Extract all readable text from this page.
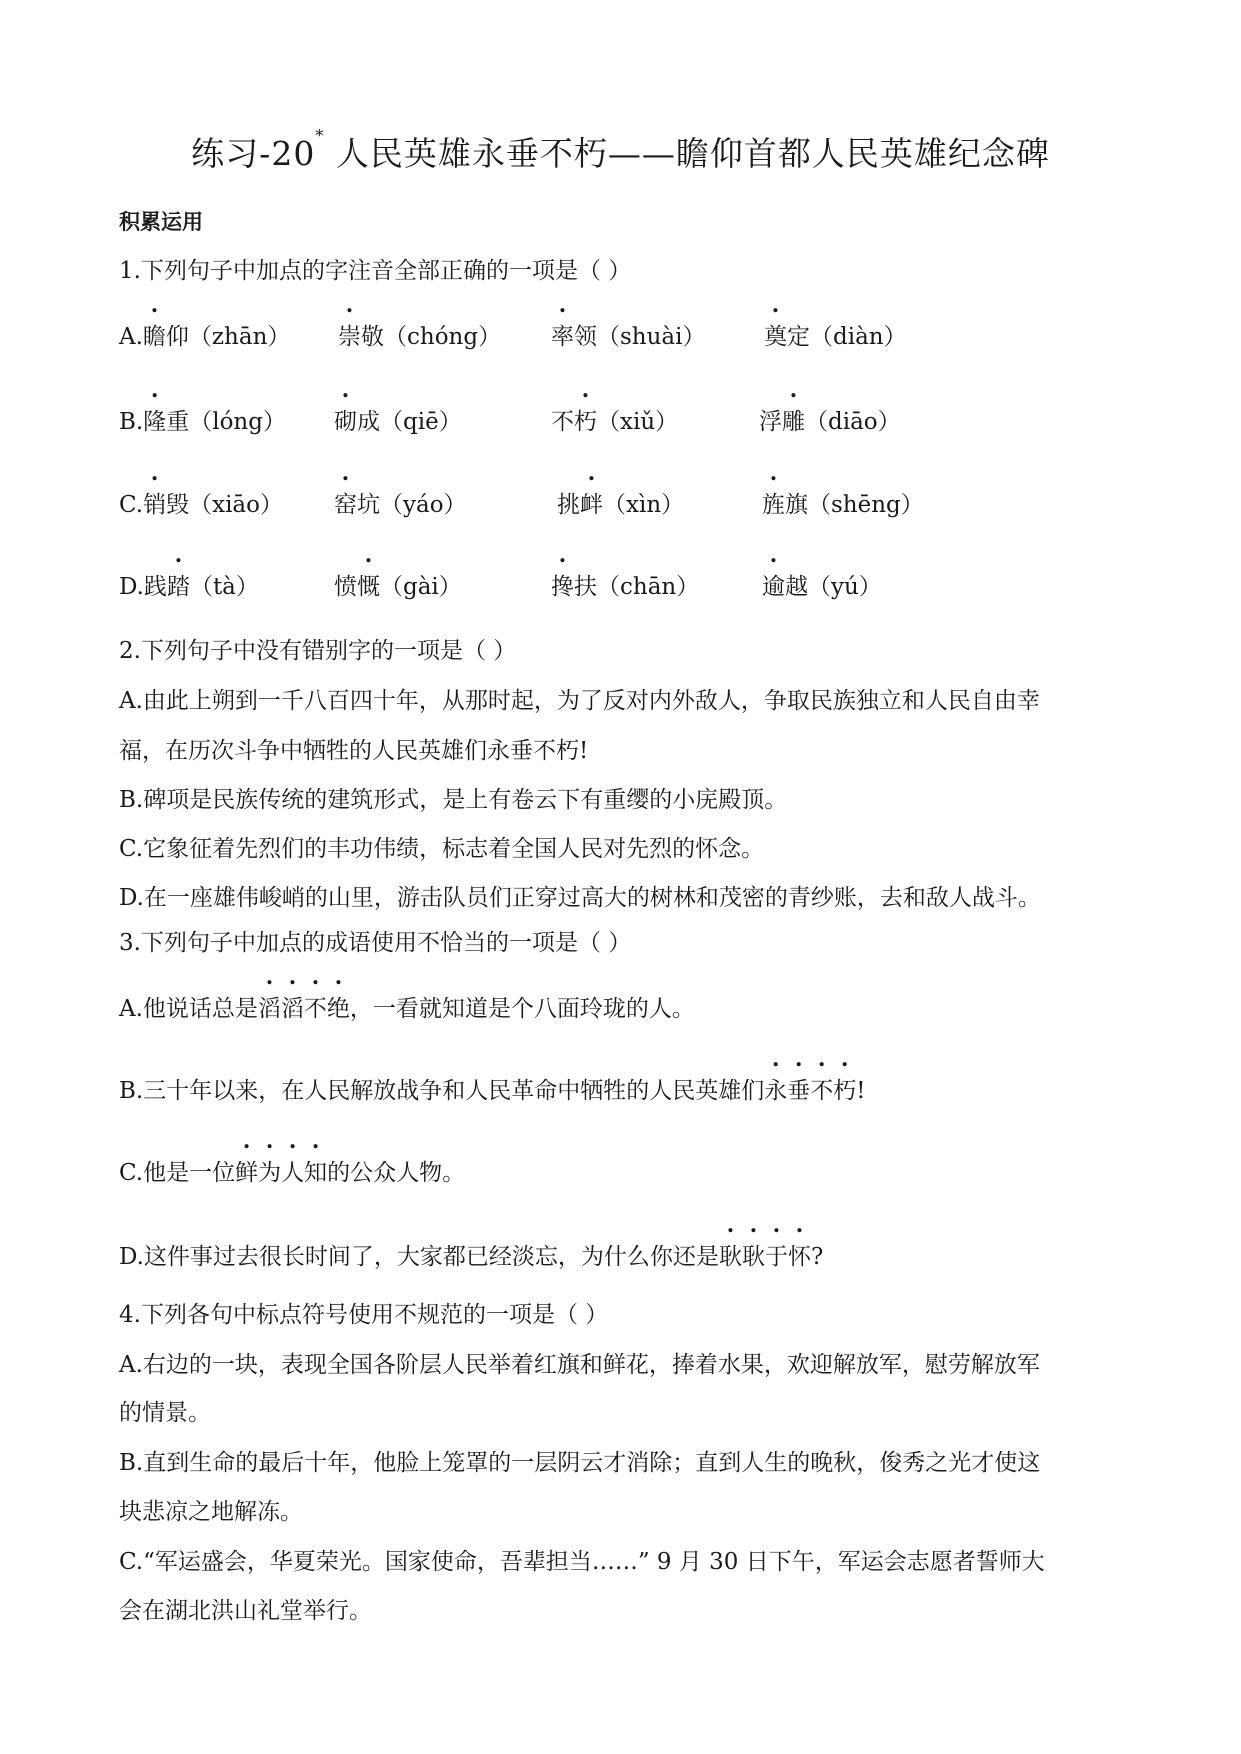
练习-20* 人民英雄永垂不朽——瞻仰首都人民英雄纪念碑
积累运用
1.下列句子中加点的字注音全部正确的一项是（ ）
A.瞻仰（zhān） 崇敬（chóng） 率领（shuài）	奠定（diàn）
B.隆重（lóng） 砌成（qiē）	不朽（xiǔ）	浮雕（diāo）
C.销毁（xiāo） 窑坑（yáo）	挑衅（xìn）	旌旗（shēng）
D.践踏（tà）	愤慨（gài）	搀扶（chān）	逾越（yú）
2.下列句子中没有错别字的一项是（ ）
A.由此上朔到一千八百四十年，从那时起，为了反对内外敌人，争取民族独立和人民自由幸
福，在历次斗争中牺牲的人民英雄们永垂不朽!
B.碑项是民族传统的建筑形式，是上有卷云下有重缨的小庑殿顶。
C.它象征着先烈们的丰功伟绩，标志着全国人民对先烈的怀念。
D.在一座雄伟峻峭的山里，游击队员们正穿过高大的树林和茂密的青纱账，去和敌人战斗。
3.下列句子中加点的成语使用不恰当的一项是（ ）
A.他说话总是滔滔不绝，一看就知道是个八面玲珑的人。
B.三十年以来，在人民解放战争和人民革命中牺牲的人民英雄们永垂不朽!
C.他是一位鲜为人知的公众人物。
D.这件事过去很长时间了，大家都已经淡忘，为什么你还是耿耿于怀?
4.下列各句中标点符号使用不规范的一项是（ ）
A.右边的一块，表现全国各阶层人民举着红旗和鲜花，捧着水果，欢迎解放军，慰劳解放军
的情景。
B.直到生命的最后十年，他脸上笼罩的一层阴云才消除；直到人生的晚秋，俊秀之光才使这
块悲凉之地解冻。
C.“军运盛会，华夏荣光。国家使命，吾辈担当……” 9 月 30 日下午，军运会志愿者誓师大
会在湖北洪山礼堂举行。
